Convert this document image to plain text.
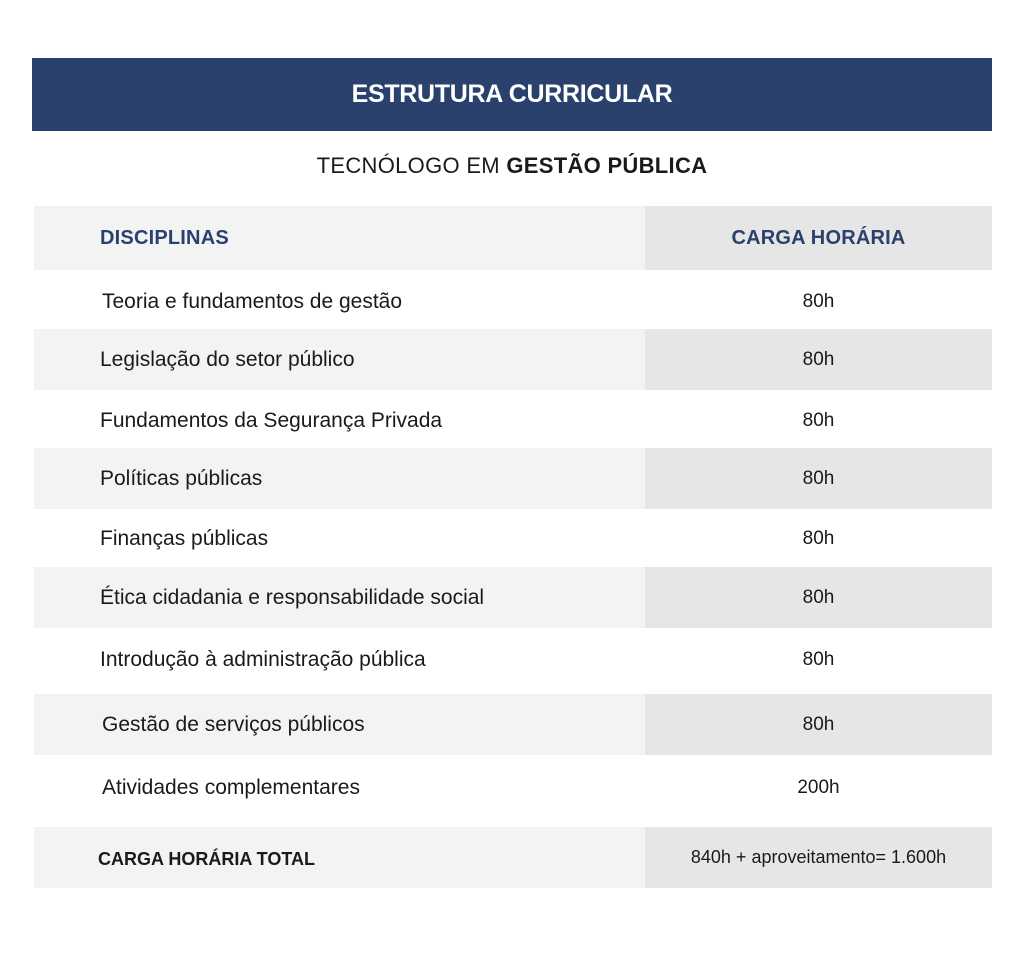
ESTRUTURA CURRICULAR
TECNÓLOGO EM GESTÃO PÚBLICA
DISCIPLINAS	CARGA HORÁRIA
Teoria e fundamentos de gestão	80h
Legislação do setor público	80h
Fundamentos da Segurança Privada	80h
Políticas públicas	80h
Finanças públicas	80h
Ética cidadania e responsabilidade social	80h
Introdução à administração pública	80h
Gestão de serviços públicos	80h
Atividades complementares	200h
CARGA HORÁRIA TOTAL	840h + aproveitamento= 1.600h
